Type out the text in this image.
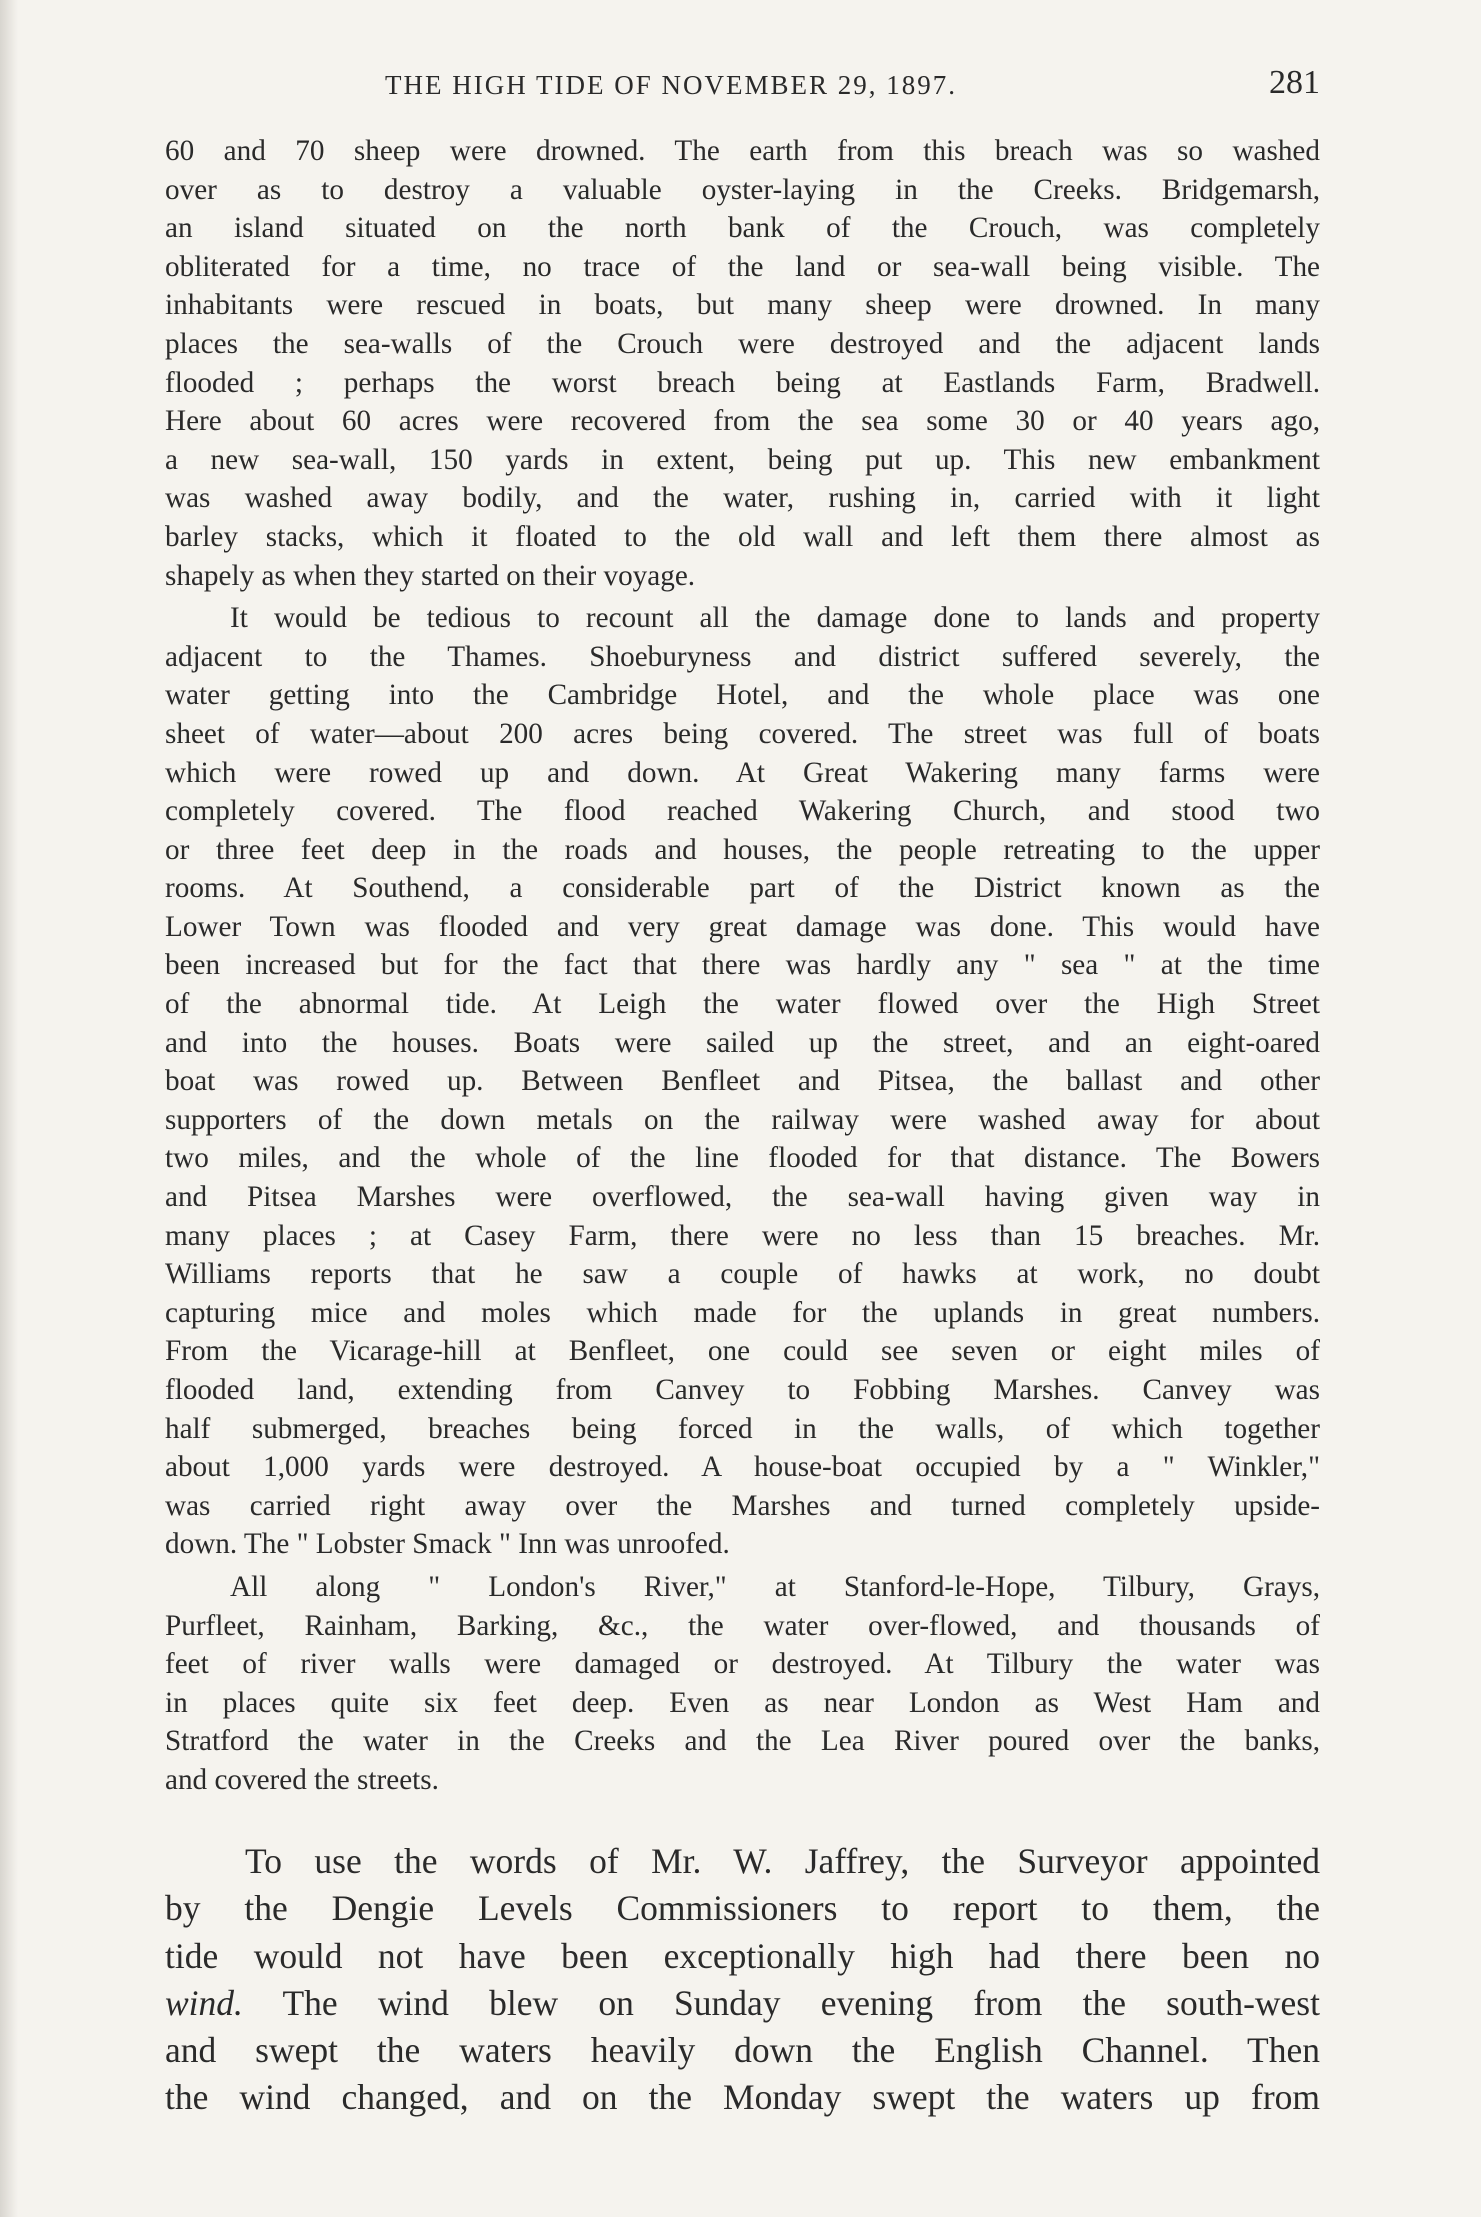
THE HIGH TIDE OF NOVEMBER 29, 1897.	281
60 and 70 sheep were drowned. The earth from this breach was so washed
over as to destroy a valuable oyster-laying in the Creeks. Bridgemarsh,
an island situated on the north bank of the Crouch, was completely
obliterated for a time, no trace of the land or sea-wall being visible. The
inhabitants were rescued in boats, but many sheep were drowned. In many
places the sea-walls of the Crouch were destroyed and the adjacent lands
flooded ; perhaps the worst breach being at Eastlands Farm, Bradwell.
Here about 60 acres were recovered from the sea some 30 or 40 years ago,
a new sea-wall, 150 yards in extent, being put up. This new embankment
was washed away bodily, and the water, rushing in, carried with it light
barley stacks, which it floated to the old wall and left them there almost as
shapely as when they started on their voyage.
It would be tedious to recount all the damage done to lands and property
adjacent to the Thames. Shoeburyness and district suffered severely, the
water getting into the Cambridge Hotel, and the whole place was one
sheet of water—about 200 acres being covered. The street was full of boats
which were rowed up and down. At Great Wakering many farms were
completely covered. The flood reached Wakering Church, and stood two
or three feet deep in the roads and houses, the people retreating to the upper
rooms. At Southend, a considerable part of the District known as the
Lower Town was flooded and very great damage was done. This would have
been increased but for the fact that there was hardly any " sea " at the time
of the abnormal tide. At Leigh the water flowed over the High Street
and into the houses. Boats were sailed up the street, and an eight-oared
boat was rowed up. Between Benfleet and Pitsea, the ballast and other
supporters of the down metals on the railway were washed away for about
two miles, and the whole of the line flooded for that distance. The Bowers
and Pitsea Marshes were overflowed, the sea-wall having given way in
many places ; at Casey Farm, there were no less than 15 breaches. Mr.
Williams reports that he saw a couple of hawks at work, no doubt
capturing mice and moles which made for the uplands in great numbers.
From the Vicarage-hill at Benfleet, one could see seven or eight miles of
flooded land, extending from Canvey to Fobbing Marshes. Canvey was
half submerged, breaches being forced in the walls, of which together
about 1,000 yards were destroyed. A house-boat occupied by a " Winkler,"
was carried right away over the Marshes and turned completely upside-
down. The " Lobster Smack " Inn was unroofed.
All along " London's River," at Stanford-le-Hope, Tilbury, Grays,
Purfleet, Rainham, Barking, &c., the water over-flowed, and thousands of
feet of river walls were damaged or destroyed. At Tilbury the water was
in places quite six feet deep. Even as near London as West Ham and
Stratford the water in the Creeks and the Lea River poured over the banks,
and covered the streets.
To use the words of Mr. W. Jaffrey, the Surveyor appointed
by the Dengie Levels Commissioners to report to them, the
tide would not have been exceptionally high had there been no
wind. The wind blew on Sunday evening from the south-west
and swept the waters heavily down the English Channel. Then
the wind changed, and on the Monday swept the waters up from
